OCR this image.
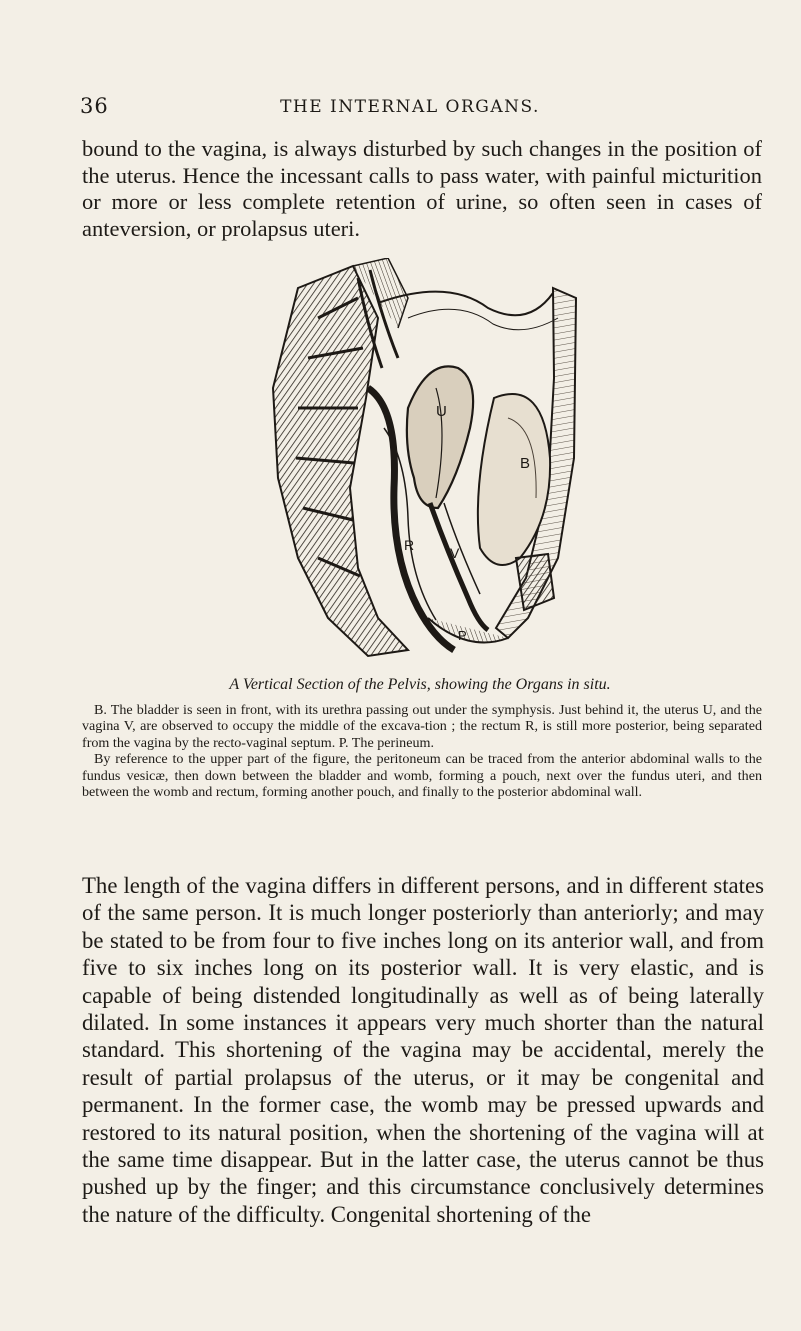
36	THE INTERNAL ORGANS.

bound to the vagina, is always disturbed by such changes in the position of the uterus. Hence the incessant calls to pass water, with painful micturition or more or less complete retention of urine, so often seen in cases of anteversion, or prolapsus uteri.

U
B
V
R
P
A Vertical Section of the Pelvis, showing the Organs in situ.

B. The bladder is seen in front, with its urethra passing out under the symphysis. Just behind it, the uterus U, and the vagina V, are observed to occupy the middle of the excava-tion ; the rectum R, is still more posterior, being separated from the vagina by the recto-vaginal septum. P. The perineum.

By reference to the upper part of the figure, the peritoneum can be traced from the anterior abdominal walls to the fundus vesicæ, then down between the bladder and womb, forming a pouch, next over the fundus uteri, and then between the womb and rectum, forming another pouch, and finally to the posterior abdominal wall.

The length of the vagina differs in different persons, and in different states of the same person. It is much longer posteriorly than anteriorly; and may be stated to be from four to five inches long on its anterior wall, and from five to six inches long on its posterior wall. It is very elastic, and is capable of being distended longitudinally as well as of being laterally dilated. In some instances it appears very much shorter than the natural standard. This shortening of the vagina may be accidental, merely the result of partial prolapsus of the uterus, or it may be congenital and permanent. In the former case, the womb may be pressed upwards and restored to its natural position, when the shortening of the vagina will at the same time disappear. But in the latter case, the uterus cannot be thus pushed up by the finger; and this circumstance conclusively determines the nature of the difficulty. Congenital shortening of the
